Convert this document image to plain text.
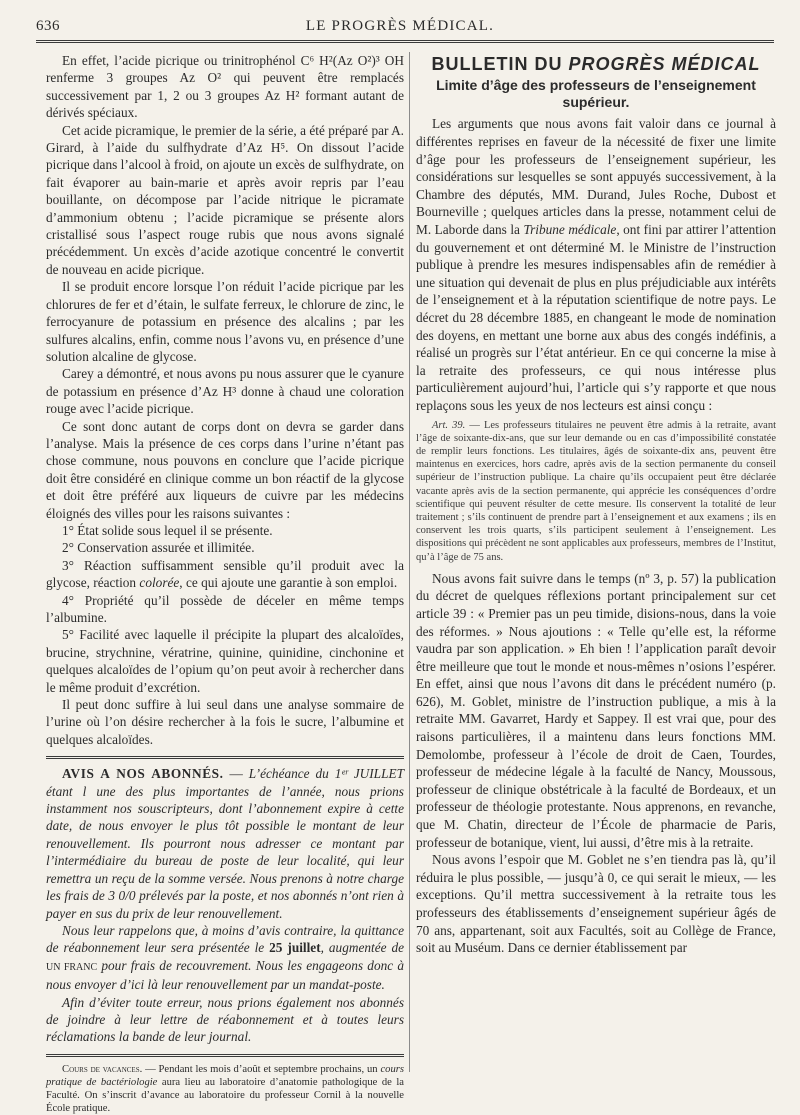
636	LE PROGRÈS MÉDICAL.

En effet, l’acide picrique ou trinitrophénol C⁶ H²(Az O²)³ OH renferme 3 groupes Az O² qui peuvent être remplacés successivement par 1, 2 ou 3 groupes Az H² formant autant de dérivés spéciaux.

Cet acide picramique, le premier de la série, a été préparé par A. Girard, à l’aide du sulfhydrate d’Az H⁵. On dissout l’acide picrique dans l’alcool à froid, on ajoute un excès de sulfhydrate, on fait évaporer au bain-marie et après avoir repris par l’eau bouillante, on décompose par l’acide nitrique le picramate d’ammonium obtenu ; l’acide picramique se présente alors cristallisé sous l’aspect rouge rubis que nous avons signalé précédemment. Un excès d’acide azotique concentré le convertit de nouveau en acide picrique.

Il se produit encore lorsque l’on réduit l’acide picrique par les chlorures de fer et d’étain, le sulfate ferreux, le chlorure de zinc, le ferrocyanure de potassium en présence des alcalins ; par les sulfures alcalins, enfin, comme nous l’avons vu, en présence d’une solution alcaline de glycose.

Carey a démontré, et nous avons pu nous assurer que le cyanure de potassium en présence d’Az H³ donne à chaud une coloration rouge avec l’acide picrique.

Ce sont donc autant de corps dont on devra se garder dans l’analyse. Mais la présence de ces corps dans l’urine n’étant pas chose commune, nous pouvons en conclure que l’acide picrique doit être considéré en clinique comme un bon réactif de la glycose et doit être préféré aux liqueurs de cuivre par les médecins éloignés des villes pour les raisons suivantes :

1° État solide sous lequel il se présente.

2° Conservation assurée et illimitée.

3° Réaction suffisamment sensible qu’il produit avec la glycose, réaction colorée, ce qui ajoute une garantie à son emploi.

4° Propriété qu’il possède de déceler en même temps l’albumine.

5° Facilité avec laquelle il précipite la plupart des alcaloïdes, brucine, strychnine, vératrine, quinine, quinidine, cinchonine et quelques alcaloïdes de l’opium qu’on peut avoir à rechercher dans le même produit d’excrétion.

Il peut donc suffire à lui seul dans une analyse sommaire de l’urine où l’on désire rechercher à la fois le sucre, l’albumine et quelques alcaloïdes.

AVIS A NOS ABONNÉS. — L’échéance du 1ᵉʳ JUILLET étant l une des plus importantes de l’année, nous prions instamment nos souscripteurs, dont l’abonnement expire à cette date, de nous envoyer le plus tôt possible le montant de leur renouvellement. Ils pourront nous adresser ce montant par l’intermédiaire du bureau de poste de leur localité, qui leur remettra un reçu de la somme versée. Nous prenons à notre charge les frais de 3 0/0 prélevés par la poste, et nos abonnés n’ont rien à payer en sus du prix de leur renouvellement.

Nous leur rappelons que, à moins d’avis contraire, la quittance de réabonnement leur sera présentée le 25 juillet, augmentée de UN FRANC pour frais de recouvrement. Nous les engageons donc à nous envoyer d’ici là leur renouvellement par un mandat-poste.

Afin d’éviter toute erreur, nous prions également nos abonnés de joindre à leur lettre de réabonnement et à toutes leurs réclamations la bande de leur journal.

Cours de vacances. — Pendant les mois d’août et septembre prochains, un cours pratique de bactériologie aura lieu au laboratoire d’anatomie pathologique de la Faculté. On s’inscrit d’avance au laboratoire du professeur Cornil à la nouvelle École pratique.

BULLETIN DU PROGRÈS MÉDICAL
Limite d’âge des professeurs de l’enseignement supérieur.

Les arguments que nous avons fait valoir dans ce journal à différentes reprises en faveur de la nécessité de fixer une limite d’âge pour les professeurs de l’enseignement supérieur, les considérations sur lesquelles se sont appuyés successivement, à la Chambre des députés, MM. Durand, Jules Roche, Dubost et Bourneville ; quelques articles dans la presse, notamment celui de M. Laborde dans la Tribune médicale, ont fini par attirer l’attention du gouvernement et ont déterminé M. le Ministre de l’instruction publique à prendre les mesures indispensables afin de remédier à une situation qui devenait de plus en plus préjudiciable aux intérêts de l’enseignement et à la réputation scientifique de notre pays. Le décret du 28 décembre 1885, en changeant le mode de nomination des doyens, en mettant une borne aux abus des congés indéfinis, a réalisé un progrès sur l’état antérieur. En ce qui concerne la mise à la retraite des professeurs, ce qui nous intéresse plus particulièrement aujourd’hui, l’article qui s’y rapporte et que nous replaçons sous les yeux de nos lecteurs est ainsi conçu :

Art. 39. — Les professeurs titulaires ne peuvent être admis à la retraite, avant l’âge de soixante-dix-ans, que sur leur demande ou en cas d’impossibilité constatée de remplir leurs fonctions. Les titulaires, âgés de soixante-dix ans, peuvent être maintenus en exercices, hors cadre, après avis de la section permanente du conseil supérieur de l’instruction publique. La chaire qu’ils occupaient peut être déclarée vacante après avis de la section permanente, qui apprécie les conséquences d’ordre scientifique qui peuvent résulter de cette mesure. Ils conservent la totalité de leur traitement ; s’ils continuent de prendre part à l’enseignement et aux examens ; ils en conservent les trois quarts, s’ils participent seulement à l’enseignement. Les dispositions qui précèdent ne sont applicables aux professeurs, membres de l’Institut, qu’à l’âge de 75 ans.

Nous avons fait suivre dans le temps (nº 3, p. 57) la publication du décret de quelques réflexions portant principalement sur cet article 39 : « Premier pas un peu timide, disions-nous, dans la voie des réformes. » Nous ajoutions : « Telle qu’elle est, la réforme vaudra par son application. » Eh bien ! l’application paraît devoir être meilleure que tout le monde et nous-mêmes n’osions l’espérer. En effet, ainsi que nous l’avons dit dans le précédent numéro (p. 626), M. Goblet, ministre de l’instruction publique, a mis à la retraite MM. Gavarret, Hardy et Sappey. Il est vrai que, pour des raisons particulières, il a maintenu dans leurs fonctions MM. Demolombe, professeur à l’école de droit de Caen, Tourdes, professeur de médecine légale à la faculté de Nancy, Moussous, professeur de clinique obstétricale à la faculté de Bordeaux, et un professeur de théologie protestante. Nous apprenons, en revanche, que M. Chatin, directeur de l’École de pharmacie de Paris, professeur de botanique, vient, lui aussi, d’être mis à la retraite.

Nous avons l’espoir que M. Goblet ne s’en tiendra pas là, qu’il réduira le plus possible, — jusqu’à 0, ce qui serait le mieux, — les exceptions. Qu’il mettra successivement à la retraite tous les professeurs des établissements d’enseignement supérieur âgés de 70 ans, appartenant, soit aux Facultés, soit au Collège de France, soit au Muséum. Dans ce dernier établissement par
